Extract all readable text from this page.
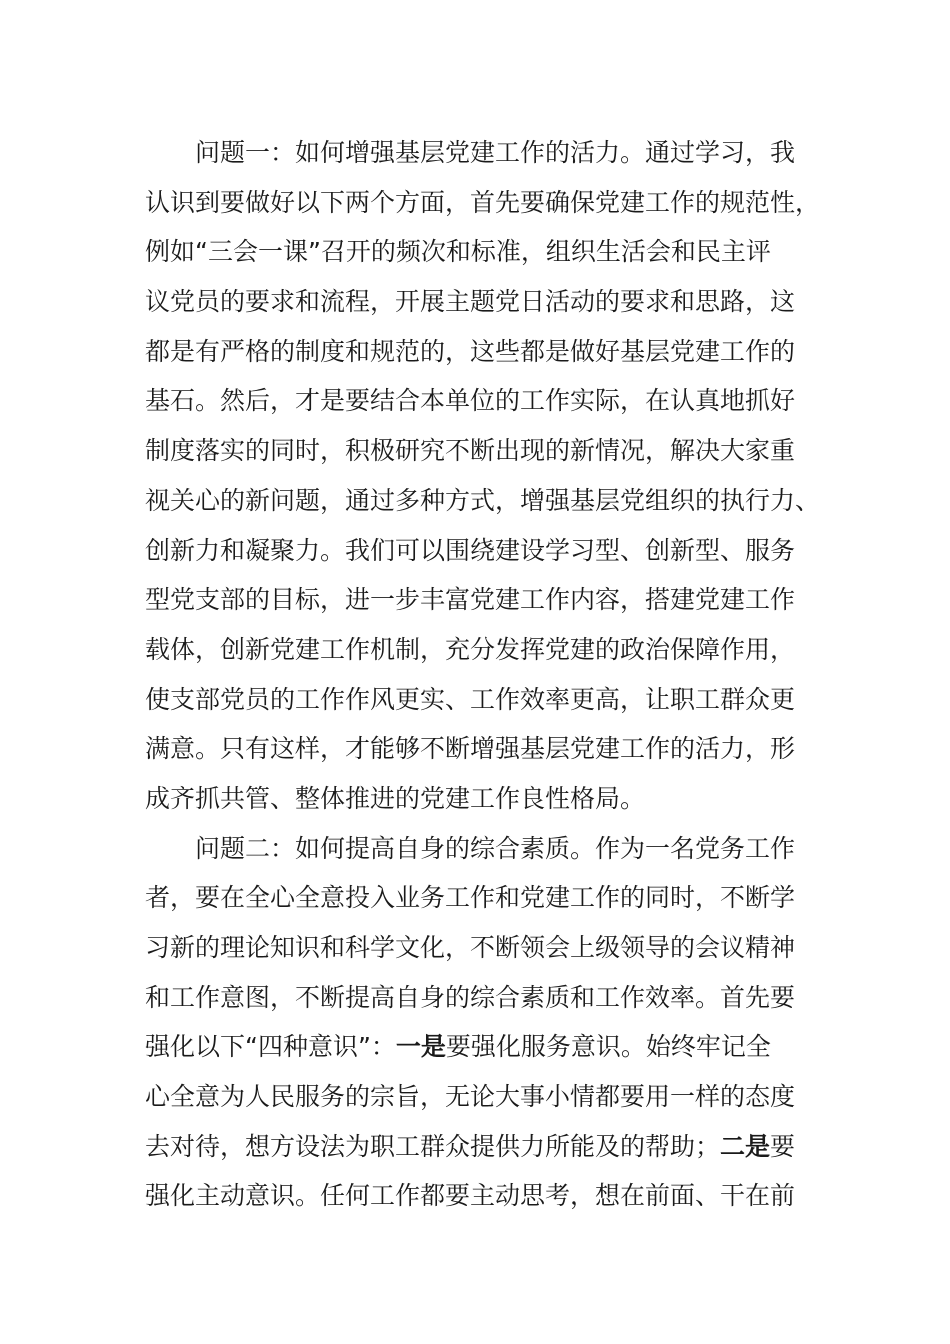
问题一：如何增强基层党建工作的活力。通过学习，我
认识到要做好以下两个方面，首先要确保党建工作的规范性，
例如“三会一课”召开的频次和标准，组织生活会和民主评
议党员的要求和流程，开展主题党日活动的要求和思路，这
都是有严格的制度和规范的，这些都是做好基层党建工作的
基石。然后，才是要结合本单位的工作实际，在认真地抓好
制度落实的同时，积极研究不断出现的新情况，解决大家重
视关心的新问题，通过多种方式，增强基层党组织的执行力、
创新力和凝聚力。我们可以围绕建设学习型、创新型、服务
型党支部的目标，进一步丰富党建工作内容，搭建党建工作
载体，创新党建工作机制，充分发挥党建的政治保障作用，
使支部党员的工作作风更实、工作效率更高，让职工群众更
满意。只有这样，才能够不断增强基层党建工作的活力，形
成齐抓共管、整体推进的党建工作良性格局。
问题二：如何提高自身的综合素质。作为一名党务工作
者，要在全心全意投入业务工作和党建工作的同时，不断学
习新的理论知识和科学文化，不断领会上级领导的会议精神
和工作意图，不断提高自身的综合素质和工作效率。首先要
强化以下“四种意识”：一是要强化服务意识。始终牢记全
心全意为人民服务的宗旨，无论大事小情都要用一样的态度
去对待，想方设法为职工群众提供力所能及的帮助；二是要
强化主动意识。任何工作都要主动思考，想在前面、干在前
